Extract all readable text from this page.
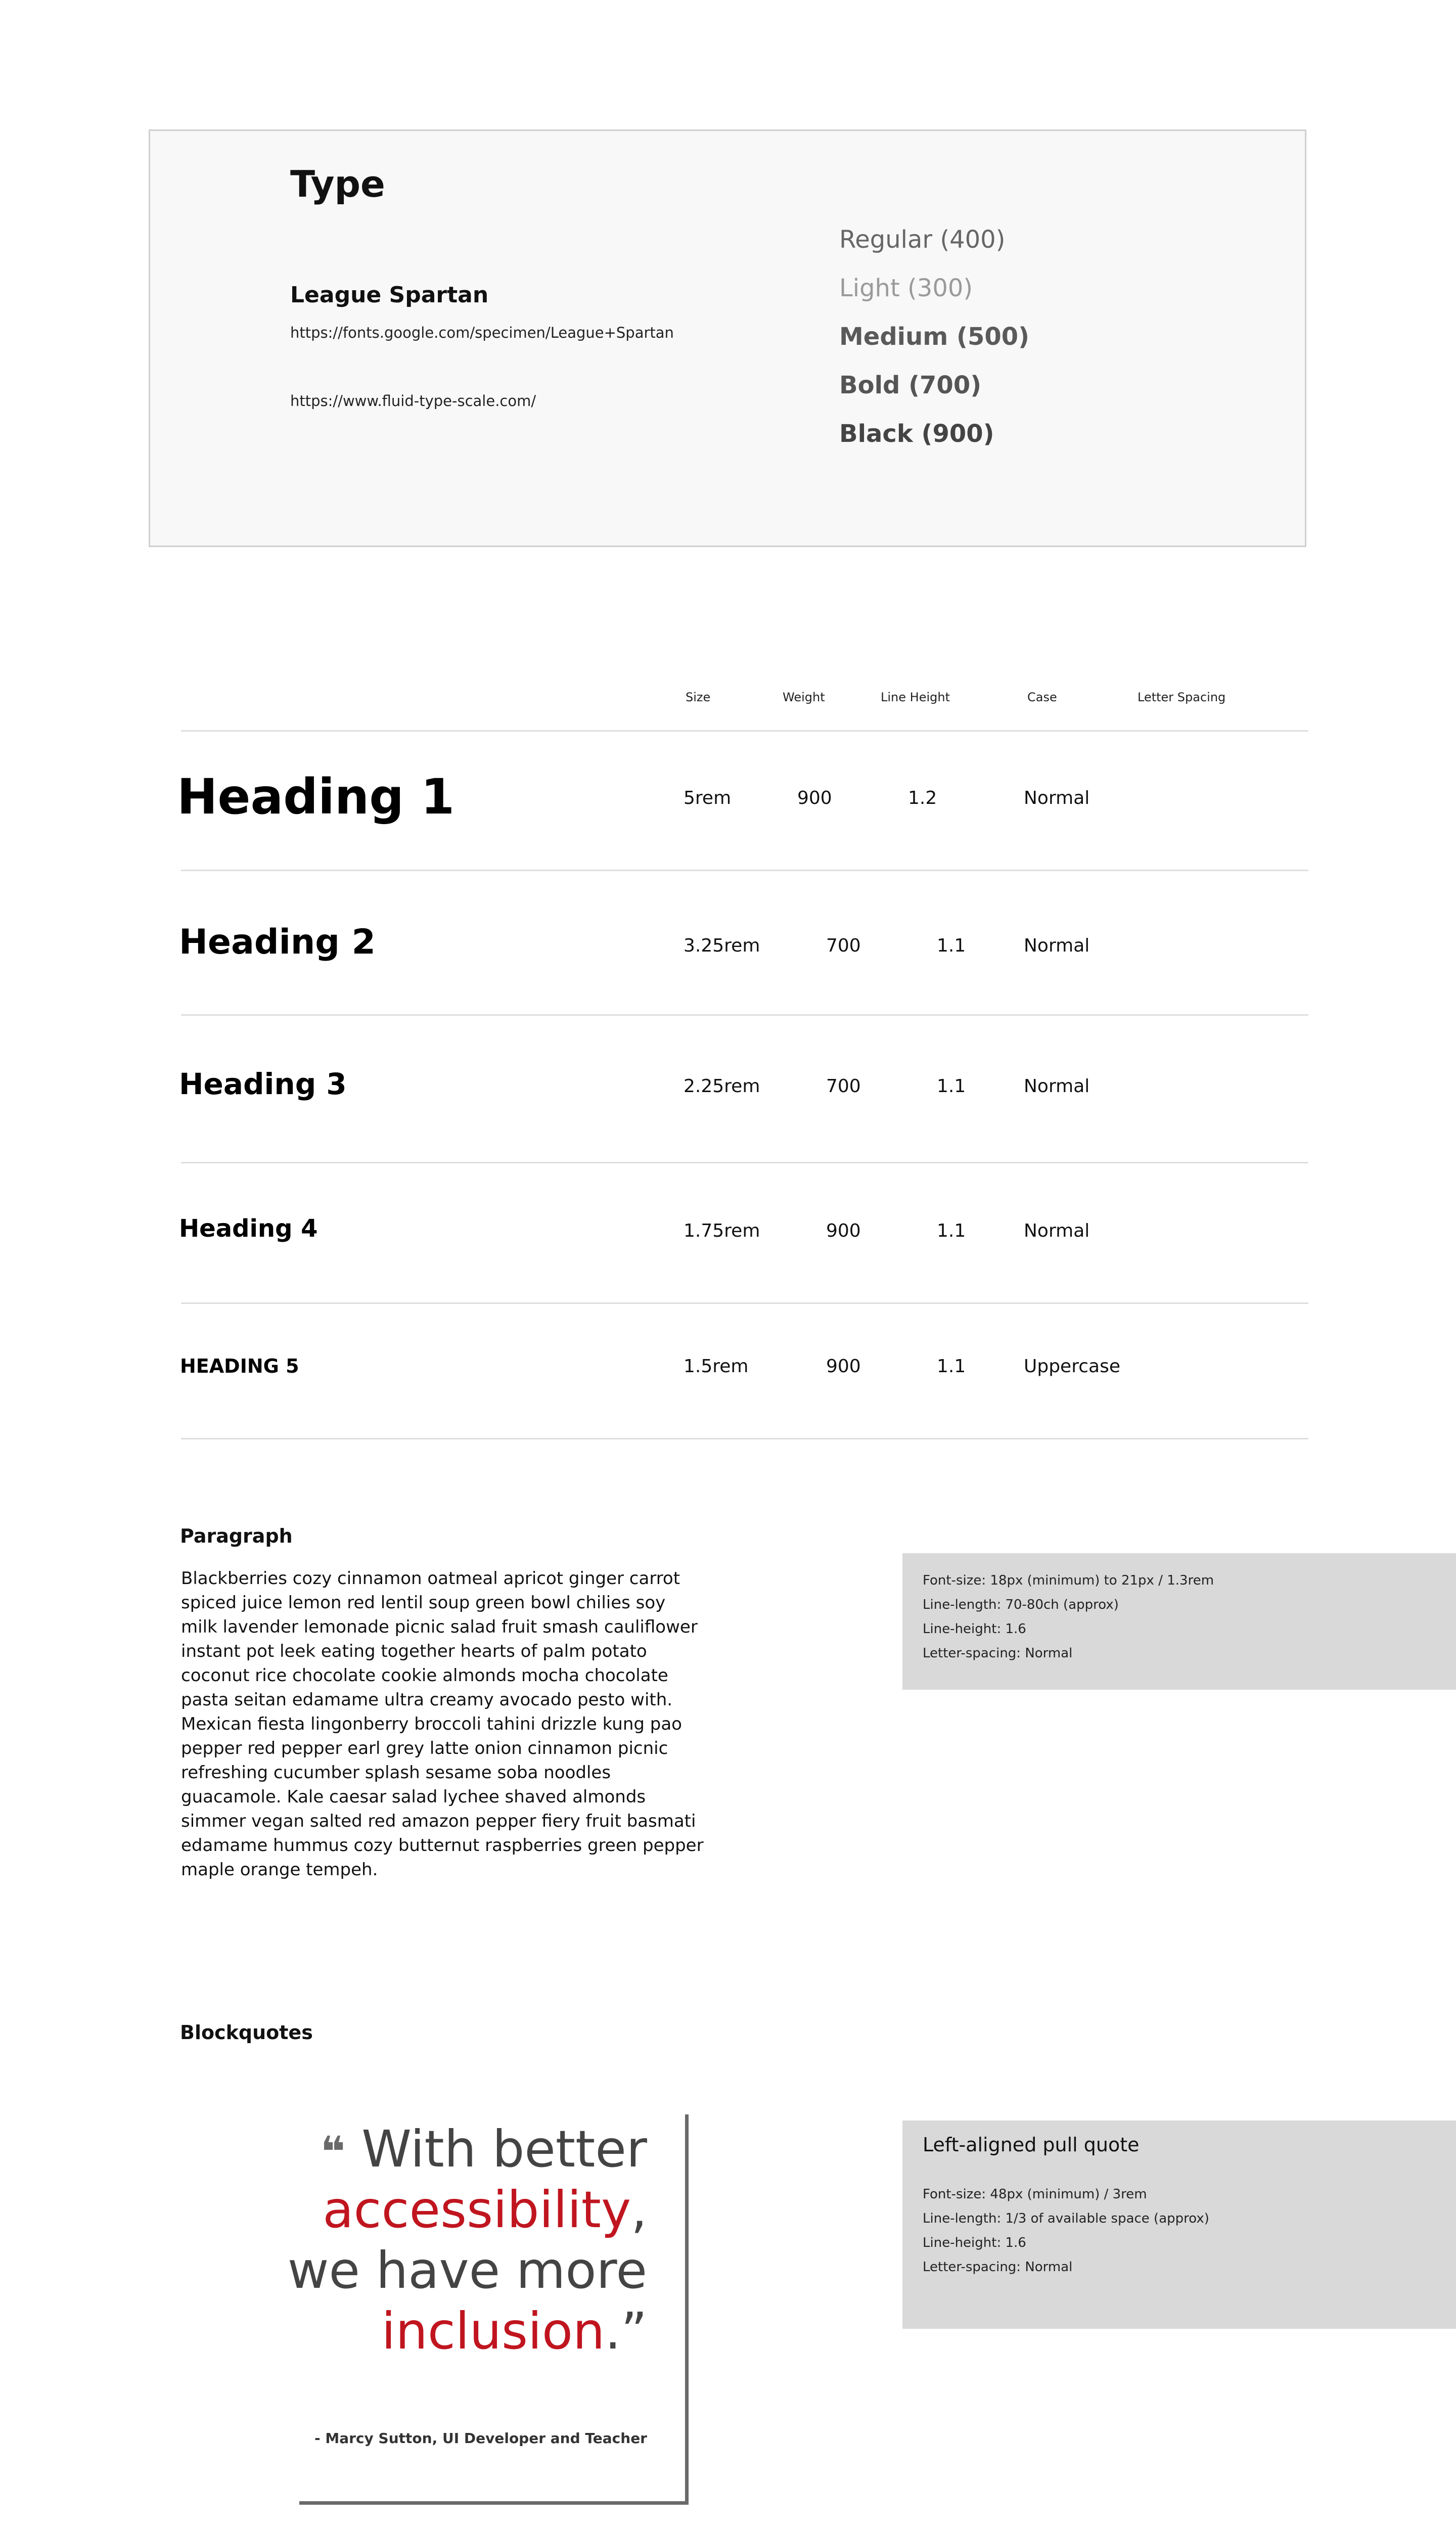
Type
League Spartan
https://fonts.google.com/specimen/League+Spartan
https://www.fluid-type-scale.com/
Regular (400)
Light (300)
Medium (500)
Bold (700)
Black (900)
Size	Weight	Line Height	Case	Letter Spacing
Heading 1	5rem	900	1.2	Normal
Heading 2	3.25rem	700	1.1	Normal
Heading 3	2.25rem	700	1.1	Normal
Heading 4	1.75rem	900	1.1	Normal
HEADING 5	1.5rem	900	1.1	Uppercase
Paragraph
Blackberries cozy cinnamon oatmeal apricot ginger carrot spiced juice lemon red lentil soup green bowl chilies soy milk lavender lemonade picnic salad fruit smash cauliflower instant pot leek eating together hearts of palm potato coconut rice chocolate cookie almonds mocha chocolate pasta seitan edamame ultra creamy avocado pesto with. Mexican fiesta lingonberry broccoli tahini drizzle kung pao pepper red pepper earl grey latte onion cinnamon picnic refreshing cucumber splash sesame soba noodles guacamole. Kale caesar salad lychee shaved almonds simmer vegan salted red amazon pepper fiery fruit basmati edamame hummus cozy butternut raspberries green pepper maple orange tempeh.
Font-size: 18px (minimum) to 21px / 1.3rem
Line-length: 70-80ch (approx)
Line-height: 1.6
Letter-spacing: Normal
Blockquotes
❝ With better
accessibility,
we have more
inclusion.”
- Marcy Sutton, UI Developer and Teacher
Left-aligned pull quote
Font-size: 48px (minimum) / 3rem
Line-length: 1/3 of available space (approx)
Line-height: 1.6
Letter-spacing: Normal
